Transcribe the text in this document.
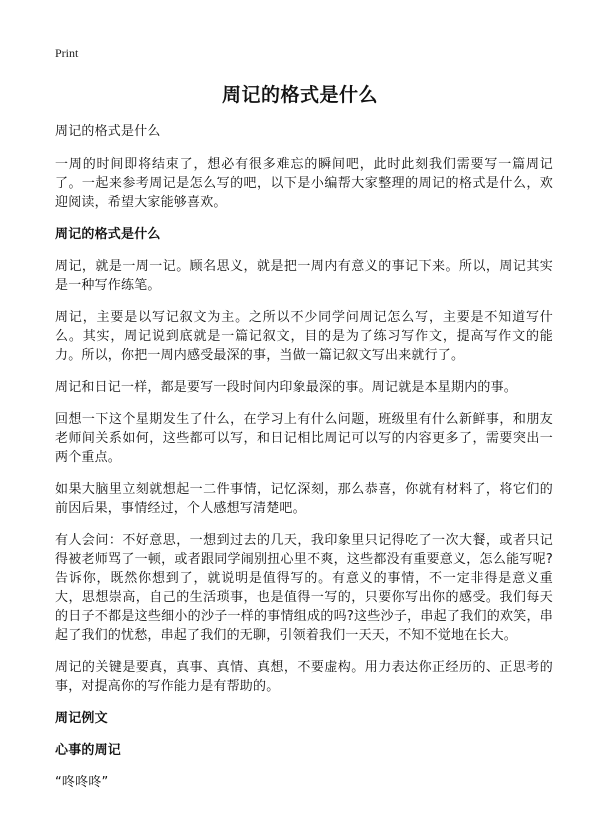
Print
周记的格式是什么

周记的格式是什么

一周的时间即将结束了，想必有很多难忘的瞬间吧，此时此刻我们需要写一篇周记了。一起来参考周记是怎么写的吧，以下是小编帮大家整理的周记的格式是什么，欢迎阅读，希望大家能够喜欢。

周记的格式是什么

周记，就是一周一记。顾名思义，就是把一周内有意义的事记下来。所以，周记其实是一种写作练笔。

周记，主要是以写记叙文为主。之所以不少同学问周记怎么写，主要是不知道写什么。其实，周记说到底就是一篇记叙文，目的是为了练习写作文，提高写作文的能力。所以，你把一周内感受最深的事，当做一篇记叙文写出来就行了。

周记和日记一样，都是要写一段时间内印象最深的事。周记就是本星期内的事。

回想一下这个星期发生了什么，在学习上有什么问题，班级里有什么新鲜事，和朋友老师间关系如何，这些都可以写，和日记相比周记可以写的内容更多了，需要突出一两个重点。

如果大脑里立刻就想起一二件事情，记忆深刻，那么恭喜，你就有材料了，将它们的前因后果，事情经过，个人感想写清楚吧。

有人会问：不好意思，一想到过去的几天，我印象里只记得吃了一次大餐，或者只记得被老师骂了一顿，或者跟同学闹别扭心里不爽，这些都没有重要意义，怎么能写呢?告诉你，既然你想到了，就说明是值得写的。有意义的事情，不一定非得是意义重大，思想崇高，自己的生活琐事，也是值得一写的，只要你写出你的感受。我们每天的日子不都是这些细小的沙子一样的事情组成的吗?这些沙子，串起了我们的欢笑，串起了我们的忧愁，串起了我们的无聊，引领着我们一天天，不知不觉地在长大。

周记的关键是要真，真事、真情、真想，不要虚构。用力表达你正经历的、正思考的事，对提高你的写作能力是有帮助的。

周记例文
心事的周记

“咚咚咚”
